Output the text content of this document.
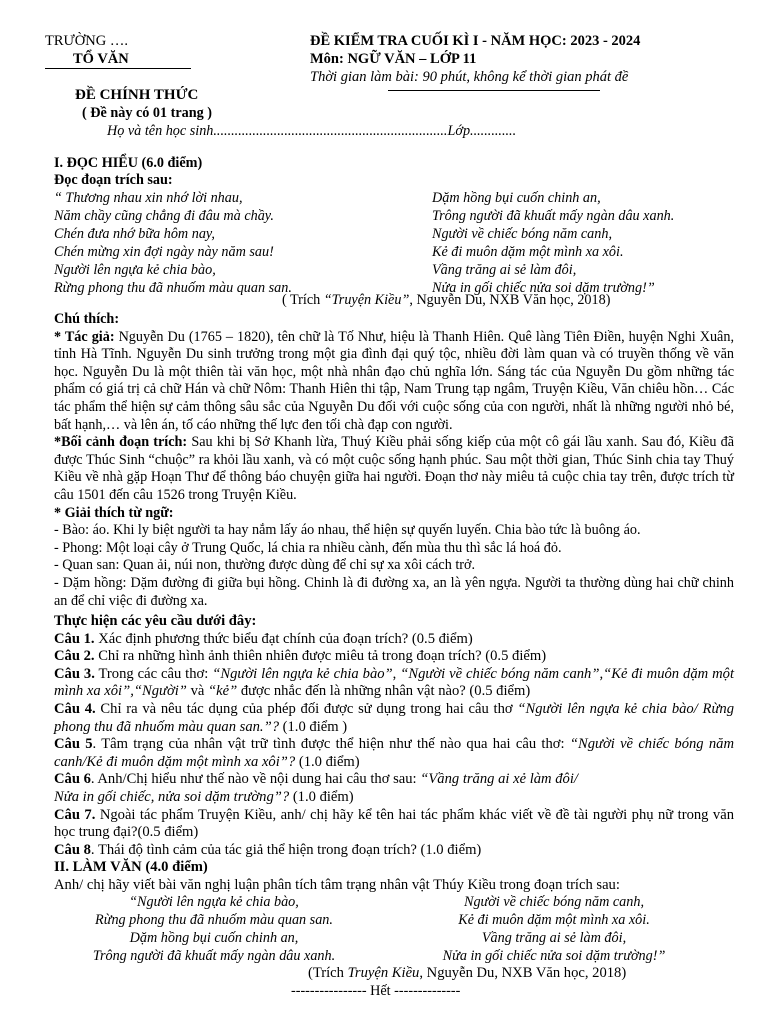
TRƯỜNG ….
TỔ VĂN
ĐỀ KIỂM TRA CUỐI KÌ I - NĂM HỌC: 2023 - 2024
Môn: NGỮ VĂN – LỚP 11
Thời gian làm bài: 90 phút, không kể thời gian phát đề
ĐỀ CHÍNH THỨC
( Đề này có 01 trang )
Họ và tên học sinh..................................................................Lớp.............
I. ĐỌC HIỂU (6.0 điểm)
Đọc đoạn trích sau:
“ Thương nhau xin nhớ lời nhau,
Năm chầy cũng chẳng đi đâu mà chầy.
Chén đưa nhớ bữa hôm nay,
Chén mừng xin đợi ngày này năm sau!
Người lên ngựa kẻ chia bào,
Rừng phong thu đã nhuốm màu quan san.
Dặm hồng bụi cuốn chinh an,
Trông người đã khuất mấy ngàn dâu xanh.
Người về chiếc bóng năm canh,
Kẻ đi muôn dặm một mình xa xôi.
Vầng trăng ai sẻ làm đôi,
Nửa in gối chiếc nửa soi dặm trường!”
( Trích “Truyện Kiều”, Nguyễn Du, NXB Văn học, 2018)

Chú thích:

* Tác giả: Nguyễn Du (1765 – 1820), tên chữ là Tố Như, hiệu là Thanh Hiên. Quê làng Tiên Điền, huyện Nghi Xuân, tỉnh Hà Tĩnh. Nguyễn Du sinh trưởng trong một gia đình đại quý tộc, nhiều đời làm quan và có truyền thống về văn học. Nguyễn Du là một thiên tài văn học, một nhà nhân đạo chủ nghĩa lớn. Sáng tác của Nguyễn Du gồm những tác phẩm có giá trị cả chữ Hán và chữ Nôm: Thanh Hiên thi tập, Nam Trung tạp ngâm, Truyện Kiều, Văn chiêu hồn… Các tác phẩm thể hiện sự cảm thông sâu sắc của Nguyễn Du đối với cuộc sống của con người, nhất là những người nhỏ bé, bất hạnh,… và lên án, tố cáo những thế lực đen tối chà đạp con người.

*Bối cảnh đoạn trích: Sau khi bị Sở Khanh lừa, Thuý Kiều phải sống kiếp của một cô gái lầu xanh. Sau đó, Kiều đã được Thúc Sinh “chuộc” ra khỏi lầu xanh, và có một cuộc sống hạnh phúc. Sau một thời gian, Thúc Sinh chia tay Thuý Kiều về nhà gặp Hoạn Thư để thông báo chuyện giữa hai người. Đoạn thơ này miêu tả cuộc chia tay trên, được trích từ câu 1501 đến câu 1526 trong Truyện Kiều.

* Giải thích từ ngữ:

- Bào: áo. Khi ly biệt người ta hay nắm lấy áo nhau, thể hiện sự quyến luyến. Chia bào tức là buông áo.

- Phong: Một loại cây ở Trung Quốc, lá chia ra nhiều cành, đến mùa thu thì sắc lá hoá đỏ.

- Quan san: Quan ải, núi non, thường được dùng để chỉ sự xa xôi cách trở.

- Dặm hồng: Dặm đường đi giữa bụi hồng. Chinh là đi đường xa, an là yên ngựa. Người ta thường dùng hai chữ chinh an để chỉ việc đi đường xa.

Thực hiện các yêu cầu dưới đây:

Câu 1. Xác định phương thức biểu đạt chính của đoạn trích? (0.5 điểm)

Câu 2. Chỉ ra những hình ảnh thiên nhiên được miêu tả trong đoạn trích? (0.5 điểm)

Câu 3. Trong các câu thơ: “Người lên ngựa kẻ chia bào”, “Người về chiếc bóng năm canh”,“Kẻ đi muôn dặm một mình xa xôi”,“Người” và “kẻ” được nhắc đến là những nhân vật nào? (0.5 điểm)

Câu 4. Chỉ ra và nêu tác dụng của phép đối được sử dụng trong hai câu thơ “Người lên ngựa kẻ chia bào/ Rừng phong thu đã nhuốm màu quan san.”? (1.0 điểm )

Câu 5. Tâm trạng của nhân vật trữ tình được thể hiện như thế nào qua hai câu thơ: “Người về chiếc bóng năm canh/Kẻ đi muôn dặm một mình xa xôi”? (1.0 điểm)

Câu 6. Anh/Chị hiểu như thế nào về nội dung hai câu thơ sau: “Vầng trăng ai xẻ làm đôi/
Nửa in gối chiếc, nửa soi dặm trường”? (1.0 điểm)

Câu 7. Ngoài tác phẩm Truyện Kiều, anh/ chị hãy kể tên hai tác phẩm khác viết về đề tài người phụ nữ trong văn học trung đại?(0.5 điểm)

Câu 8. Thái độ tình cảm của tác giả thể hiện trong đoạn trích? (1.0 điểm)

II. LÀM VĂN (4.0 điểm)
Anh/ chị hãy viết bài văn nghị luận phân tích tâm trạng nhân vật Thúy Kiều trong đoạn trích sau:
“Người lên ngựa kẻ chia bào,
Rừng phong thu đã nhuốm màu quan san.
Dặm hồng bụi cuốn chinh an,
Trông người đã khuất mấy ngàn dâu xanh.
Người về chiếc bóng năm canh,
Kẻ đi muôn dặm một mình xa xôi.
Vầng trăng ai sẻ làm đôi,
Nửa in gối chiếc nửa soi dặm trường!”
(Trích Truyện Kiều, Nguyễn Du, NXB Văn học, 2018)
---------------- Hết --------------
